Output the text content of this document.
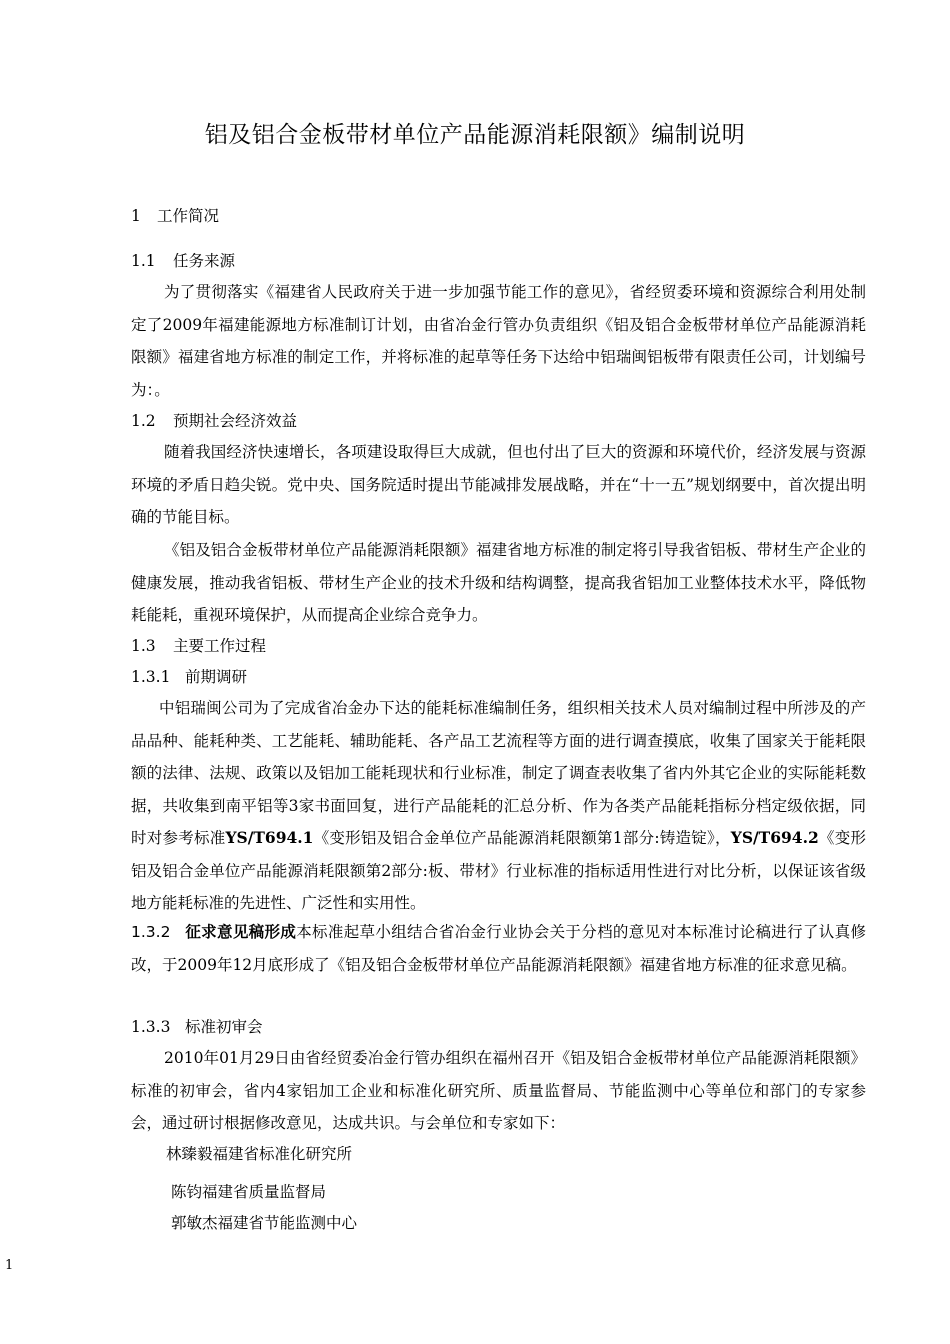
铝及铝合金板带材单位产品能源消耗限额》编制说明
1 工作简况
1.1 任务来源
为了贯彻落实《福建省人民政府关于进一步加强节能工作的意见》，省经贸委环境和资源综合利用处制定了2009年福建能源地方标准制订计划，由省冶金行管办负责组织《铝及铝合金板带材单位产品能源消耗限额》福建省地方标准的制定工作，并将标准的起草等任务下达给中铝瑞闽铝板带有限责任公司，计划编号为：。
1.2 预期社会经济效益
随着我国经济快速增长，各项建设取得巨大成就，但也付出了巨大的资源和环境代价，经济发展与资源环境的矛盾日趋尖锐。党中央、国务院适时提出节能减排发展战略，并在“十一五”规划纲要中，首次提出明确的节能目标。
《铝及铝合金板带材单位产品能源消耗限额》福建省地方标准的制定将引导我省铝板、带材生产企业的健康发展，推动我省铝板、带材生产企业的技术升级和结构调整，提高我省铝加工业整体技术水平，降低物耗能耗，重视环境保护，从而提高企业综合竞争力。
1.3 主要工作过程
1.3.1 前期调研
中铝瑞闽公司为了完成省冶金办下达的能耗标准编制任务，组织相关技术人员对编制过程中所涉及的产品品种、能耗种类、工艺能耗、辅助能耗、各产品工艺流程等方面的进行调查摸底，收集了国家关于能耗限额的法律、法规、政策以及铝加工能耗现状和行业标准，制定了调查表收集了省内外其它企业的实际能耗数据，共收集到南平铝等3家书面回复，进行产品能耗的汇总分析、作为各类产品能耗指标分档定级依据，同时对参考标准YS/T694.1《变形铝及铝合金单位产品能源消耗限额第1部分:铸造锭》，YS/T694.2《变形铝及铝合金单位产品能源消耗限额第2部分:板、带材》行业标准的指标适用性进行对比分析，以保证该省级地方能耗标准的先进性、广泛性和实用性。
1.3.2 征求意见稿形成本标准起草小组结合省冶金行业协会关于分档的意见对本标准讨论稿进行了认真修改，于2009年12月底形成了《铝及铝合金板带材单位产品能源消耗限额》福建省地方标准的征求意见稿。
1.3.3 标准初审会
2010年01月29日由省经贸委冶金行管办组织在福州召开《铝及铝合金板带材单位产品能源消耗限额》标准的初审会，省内4家铝加工企业和标准化研究所、质量监督局、节能监测中心等单位和部门的专家参会，通过研讨根据修改意见，达成共识。与会单位和专家如下：
林臻毅福建省标准化研究所
陈钧福建省质量监督局
郭敏杰福建省节能监测中心
1
